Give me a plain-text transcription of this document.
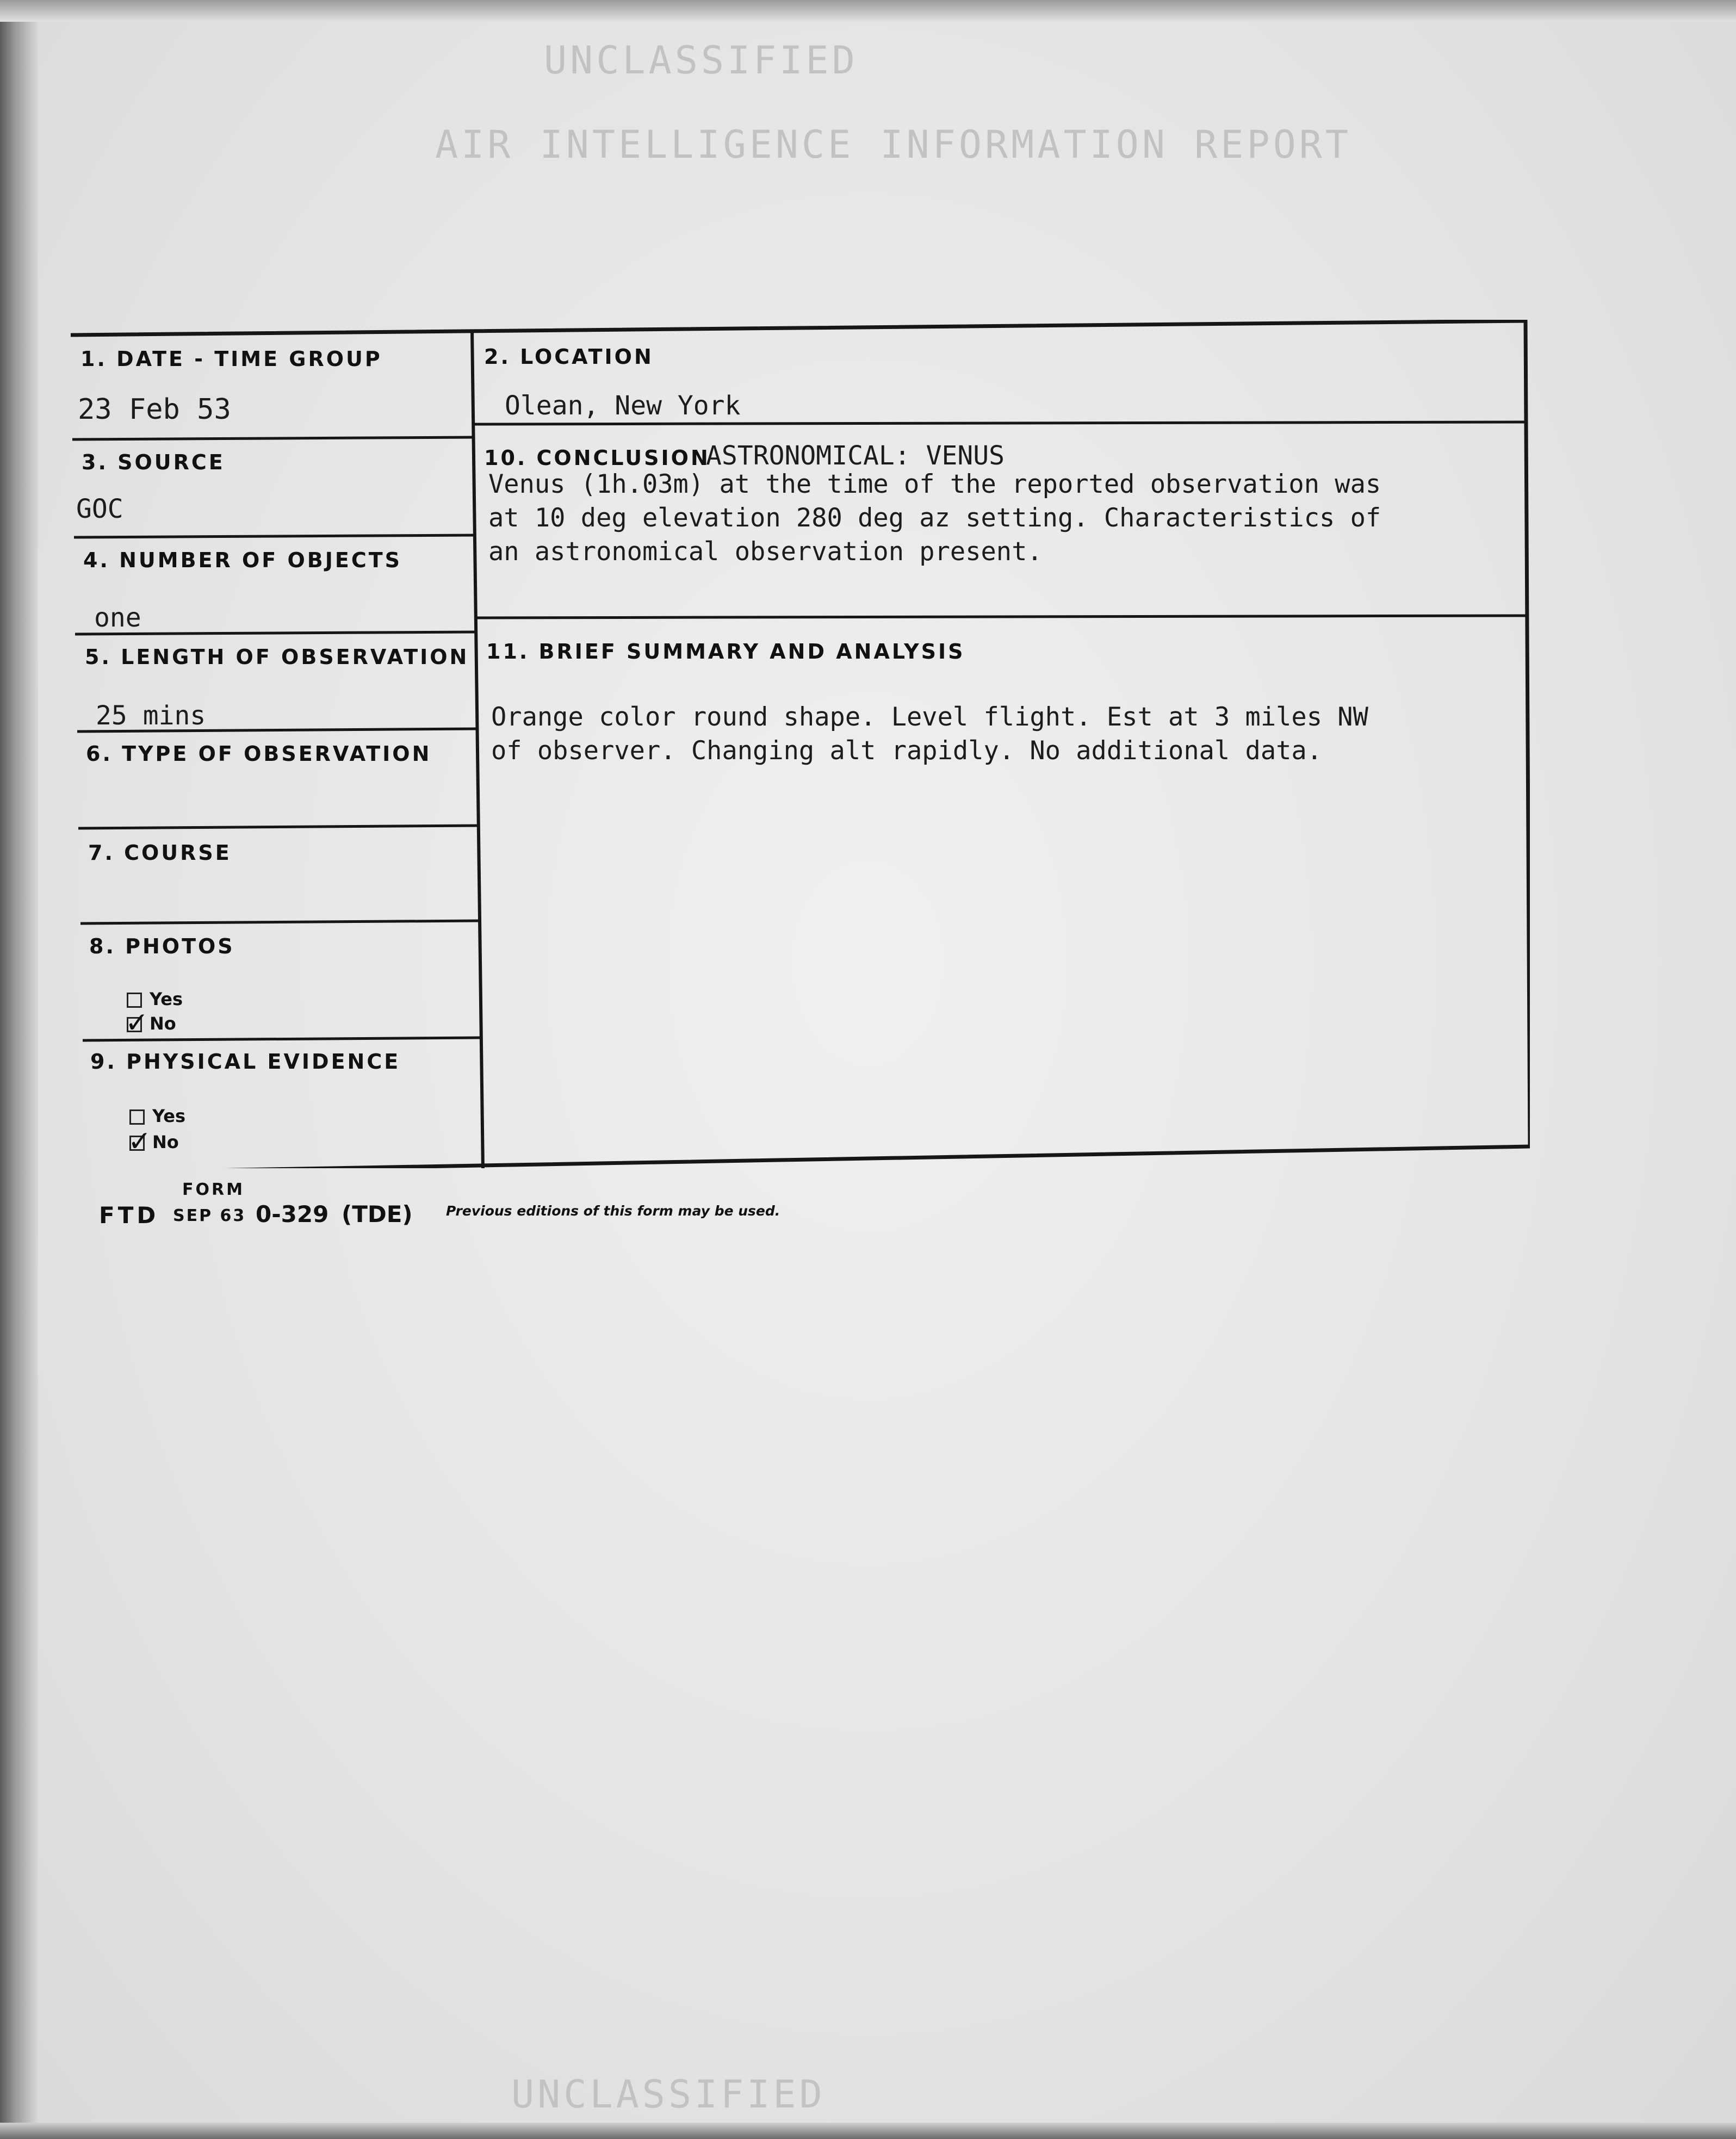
UNCLASSIFIED
AIR INTELLIGENCE INFORMATION REPORT
UNCLASSIFIED
1. DATE - TIME GROUP
23 Feb 53
2. LOCATION
Olean, New York
3. SOURCE
GOC
4. NUMBER OF OBJECTS
one
5. LENGTH OF OBSERVATION
25 mins
6. TYPE OF OBSERVATION
7. COURSE
8. PHOTOS
Yes
✓ No
9. PHYSICAL EVIDENCE
Yes
✓ No
10. CONCLUSION
ASTRONOMICAL: VENUS
Venus (1h.03m) at the time of the reported observation was
at 10 deg elevation 280 deg az setting. Characteristics of
an astronomical observation present.
11. BRIEF SUMMARY AND ANALYSIS
Orange color round shape. Level flight. Est at 3 miles NW
of observer. Changing alt rapidly. No additional data.
FORM
FTD SEP 63 0-329 (TDE) Previous editions of this form may be used.
